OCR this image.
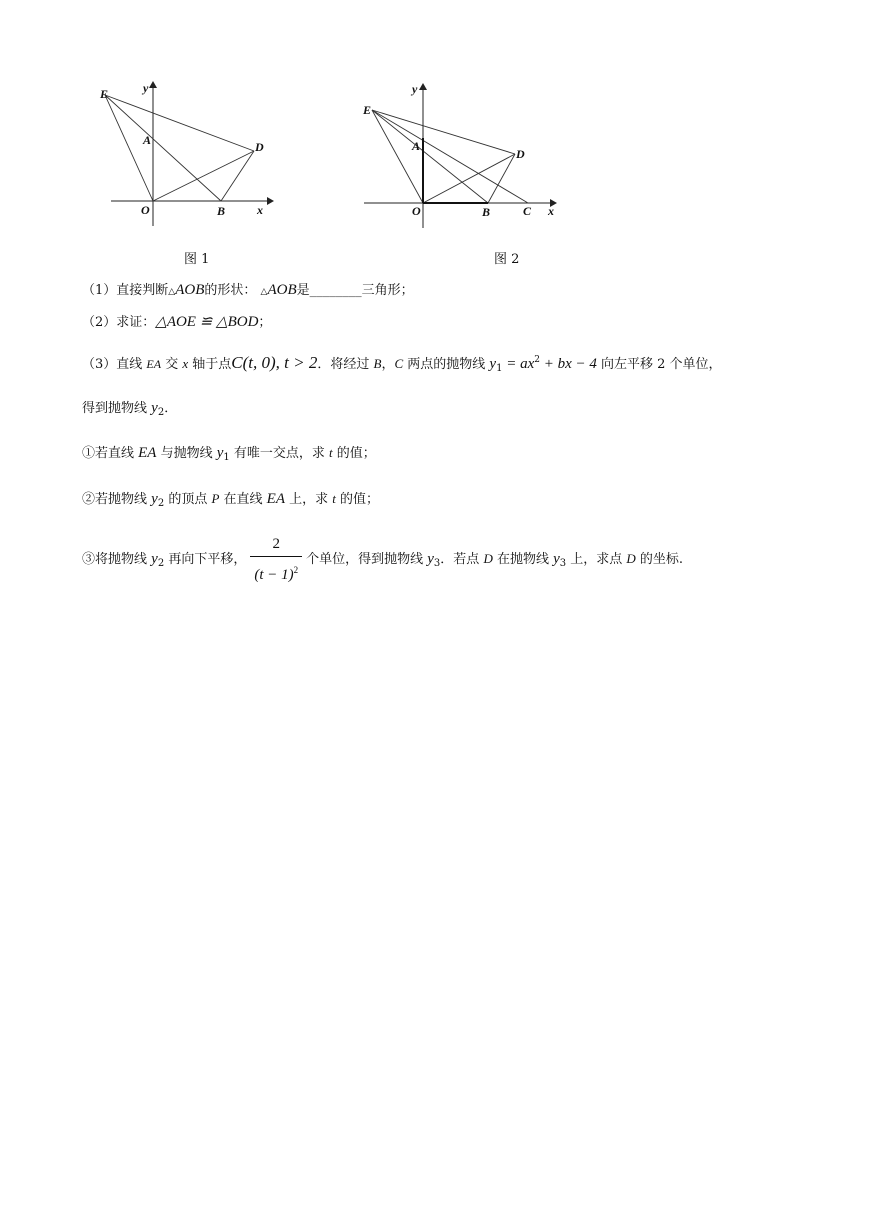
E	y
A	D
O	B	x
图 1
E
y
A
D
O	B	C x
图 2
（1）直接判断△AOB的形状： △AOB是________三角形；
（2）求证：△AOE ≌ △BOD；
（3）直线 EA 交 x 轴于点C(t, 0), t > 2．将经过 B，C 两点的抛物线 $y_1 = ax^2$ + bx − 4 向左平移 2 个单位，
得到抛物线 $y_2$．
①若直线 EA 与抛物线 $y_1$ 有唯一交点，求 t 的值；
②若抛物线 $y_2$ 的顶点 P 在直线 EA 上，求 t 的值；
③将抛物线 $y_2$ 再向下平移， $\frac{2}{(t - 1)^2}$ 个单位，得到抛物线 $y_3$．若点 D 在抛物线 $y_3$ 上，求点 D 的坐标.
